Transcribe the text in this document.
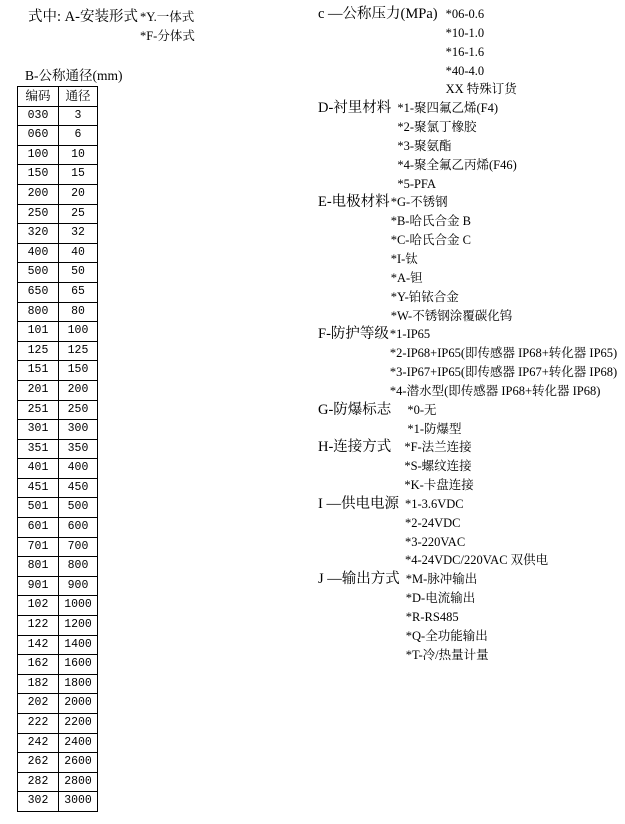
式中: A-安装形式 *Y.一体式
*F-分体式
B-公称通径(mm)
编码	通径
030	3
060	6
100	10
150	15
200	20
250	25
320	32
400	40
500	50
650	65
800	80
101	100
125	125
151	150
201	200
251	250
301	300
351	350
401	400
451	450
501	500
601	600
701	700
801	800
901	900
102	1000
122	1200
142	1400
162	1600
182	1800
202	2000
222	2200
242	2400
262	2600
282	2800
302	3000
c —公称压力(MPa) *06-0.6
*10-1.0
*16-1.6
*40-4.0
XX 特殊订货
D-衬里材料 *1-聚四氟乙烯(F4)
*2-聚氯丁橡胶
*3-聚氨酯
*4-聚全氟乙丙烯(F46)
*5-PFA
E-电极材料 *G-不锈钢
*B-哈氏合金 B
*C-哈氏合金 C
*I-钛
*A-钽
*Y-铂铱合金
*W-不锈钢涂覆碳化钨
F-防护等级 *1-IP65
*2-IP68+IP65(即传感器 IP68+转化器 IP65)
*3-IP67+IP65(即传感器 IP67+转化器 IP68)
*4-潜水型(即传感器 IP68+转化器 IP68)
G-防爆标志 *0-无
*1-防爆型
H-连接方式 *F-法兰连接
*S-螺纹连接
*K-卡盘连接
I —供电电源 *1-3.6VDC
*2-24VDC
*3-220VAC
*4-24VDC/220VAC 双供电
J —输出方式 *M-脉冲输出
*D-电流输出
*R-RS485
*Q-全功能输出
*T-冷/热量计量
